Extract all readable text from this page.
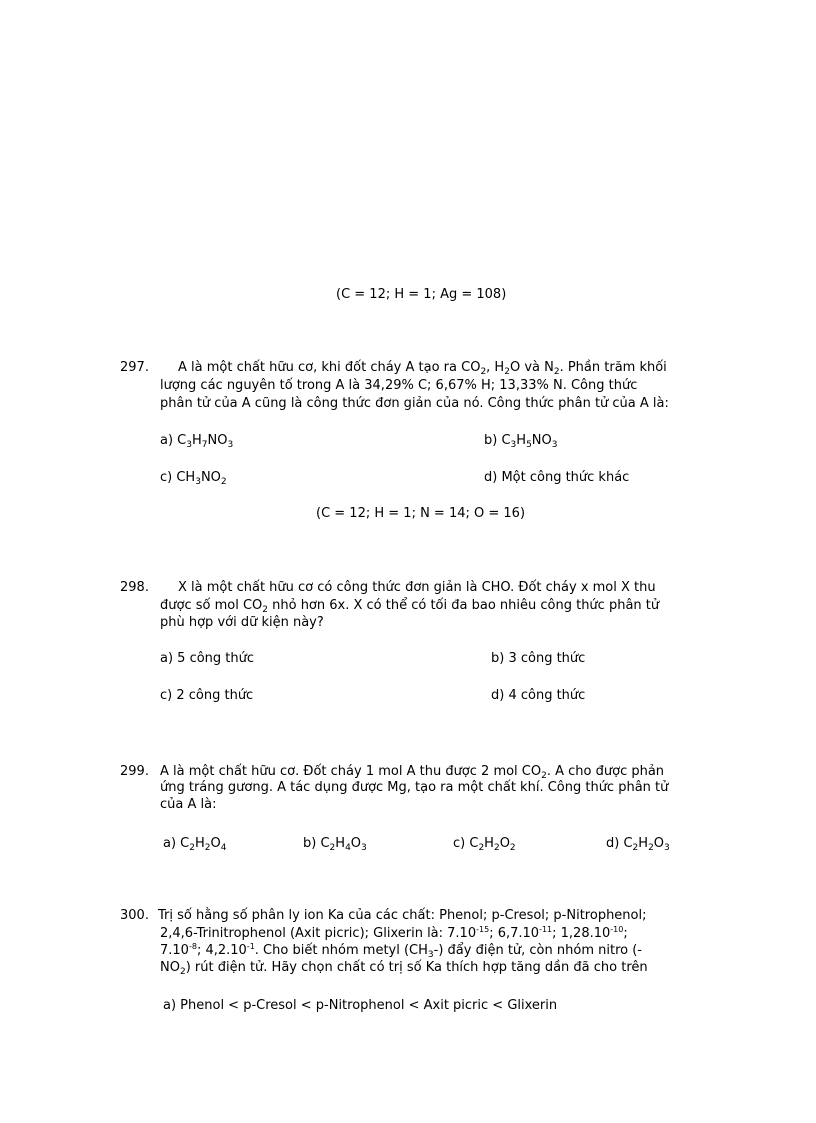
(C = 12; H = 1; Ag = 108)
297. A là một chất hữu cơ, khi đốt cháy A tạo ra $CO_2$, $H_2O$ và $N_2$. Phần trăm khối
lượng các nguyên tố trong A là 34,29% C; 6,67% H; 13,33% N. Công thức
phân tử của A cũng là công thức đơn giản của nó. Công thức phân tử của A là:
a) $C_3H_7NO_3$	b) $C_3H_5NO_3$
c) $CH_3NO_2$	d) Một công thức khác
(C = 12; H = 1; N = 14; O = 16)
298. X là một chất hữu cơ có công thức đơn giản là CHO. Đốt cháy x mol X thu
được số mol $CO_2$ nhỏ hơn 6x. X có thể có tối đa bao nhiêu công thức phân tử
phù hợp với dữ kiện này?
a) 5 công thức	b) 3 công thức
c) 2 công thức	d) 4 công thức
299. A là một chất hữu cơ. Đốt cháy 1 mol A thu được 2 mol $CO_2$. A cho được phản
ứng tráng gương. A tác dụng được Mg, tạo ra một chất khí. Công thức phân tử
của A là:
a) $C_2H_2O_4$	b) $C_2H_4O_3$	c) $C_2H_2O_2$	d) $C_2H_2O_3$
300. Trị số hằng số phân ly ion Ka của các chất: Phenol; p-Cresol; p-Nitrophenol;
2,4,6-Trinitrophenol (Axit picric); Glixerin là: $7.10^{-15}$; $6,7.10^{-11}$; $1,28.10^{-10}$;
$7.10^{-8}$; $4,2.10^{-1}$. Cho biết nhóm metyl $(CH_3-)$ đẩy điện tử, còn nhóm nitro (-
$NO_2$) rút điện tử. Hãy chọn chất có trị số Ka thích hợp tăng dần đã cho trên
a) Phenol < p-Cresol < p-Nitrophenol < Axit picric < Glixerin
